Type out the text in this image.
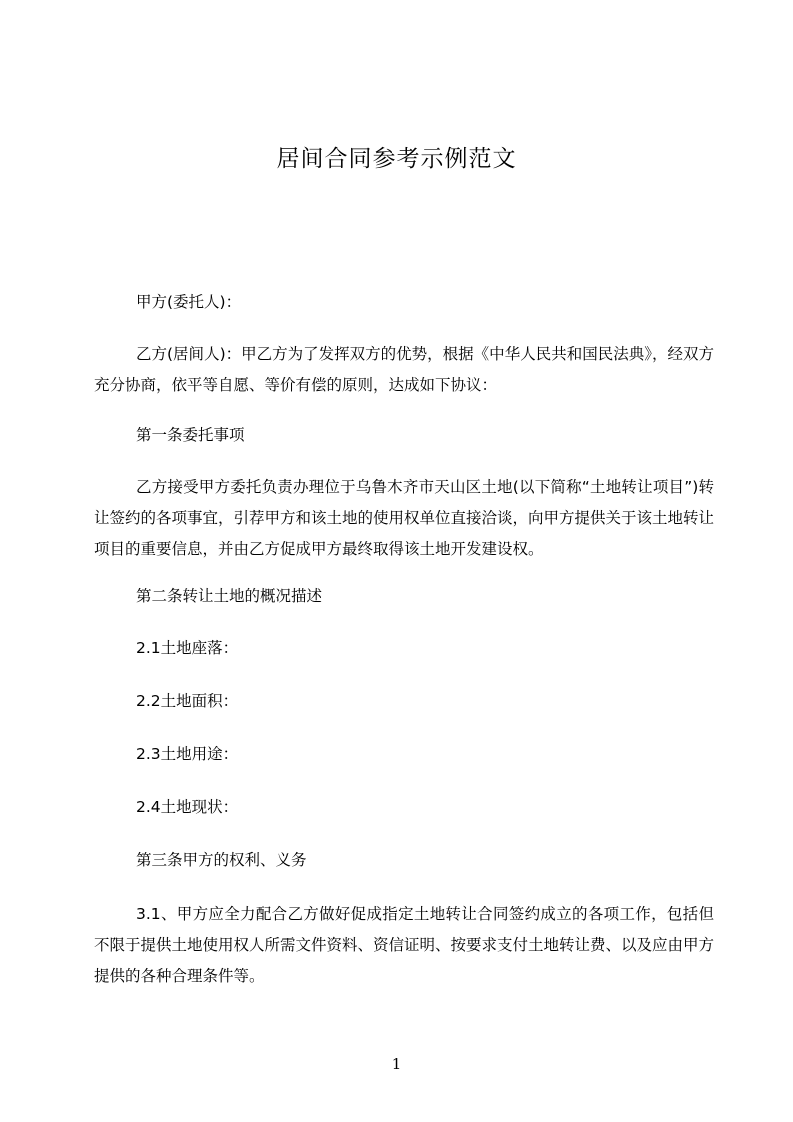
居间合同参考示例范文
甲方(委托人)：
乙方(居间人)：甲乙方为了发挥双方的优势，根据《中华人民共和国民法典》，经双方充分协商，依平等自愿、等价有偿的原则，达成如下协议：
第一条委托事项
乙方接受甲方委托负责办理位于乌鲁木齐市天山区土地(以下简称“土地转让项目”)转让签约的各项事宜，引荐甲方和该土地的使用权单位直接洽谈，向甲方提供关于该土地转让项目的重要信息，并由乙方促成甲方最终取得该土地开发建设权。
第二条转让土地的概况描述
2.1土地座落：
2.2土地面积：
2.3土地用途：
2.4土地现状：
第三条甲方的权利、义务
3.1、甲方应全力配合乙方做好促成指定土地转让合同签约成立的各项工作，包括但不限于提供土地使用权人所需文件资料、资信证明、按要求支付土地转让费、以及应由甲方提供的各种合理条件等。
1
